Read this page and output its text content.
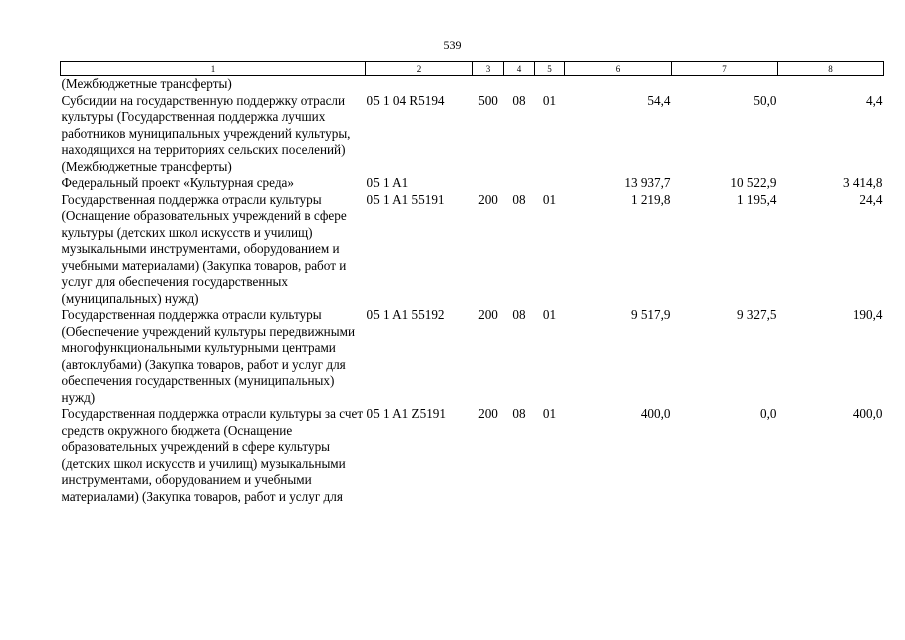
539
1	2	3	4	5	6	7	8
(Межбюджетные трансферты)							
Субсидии на государственную поддержку отрасли культуры (Государственная поддержка лучших работников муниципальных учреждений культуры, находящихся на территориях сельских поселений) (Межбюджетные трансферты)	05 1 04 R5194	500	08	01	54,4	50,0	4,4
Федеральный проект «Культурная среда»	05 1 A1				13 937,7	10 522,9	3 414,8
Государственная поддержка отрасли культуры (Оснащение образовательных учреждений в сфере культуры (детских школ искусств и училищ) музыкальными инструментами, оборудованием и учебными материалами) (Закупка товаров, работ и услуг для обеспечения государственных (муниципальных) нужд)	05 1 A1 55191	200	08	01	1 219,8	1 195,4	24,4
Государственная поддержка отрасли культуры (Обеспечение учреждений культуры передвижными многофункциональными культурными центрами (автоклубами) (Закупка товаров, работ и услуг для обеспечения государственных (муниципальных) нужд)	05 1 A1 55192	200	08	01	9 517,9	9 327,5	190,4
Государственная поддержка отрасли культуры за счет средств окружного бюджета (Оснащение образовательных учреждений в сфере культуры (детских школ искусств и училищ) музыкальными инструментами, оборудованием и учебными материалами) (Закупка товаров, работ и услуг для	05 1 A1 Z5191	200	08	01	400,0	0,0	400,0
